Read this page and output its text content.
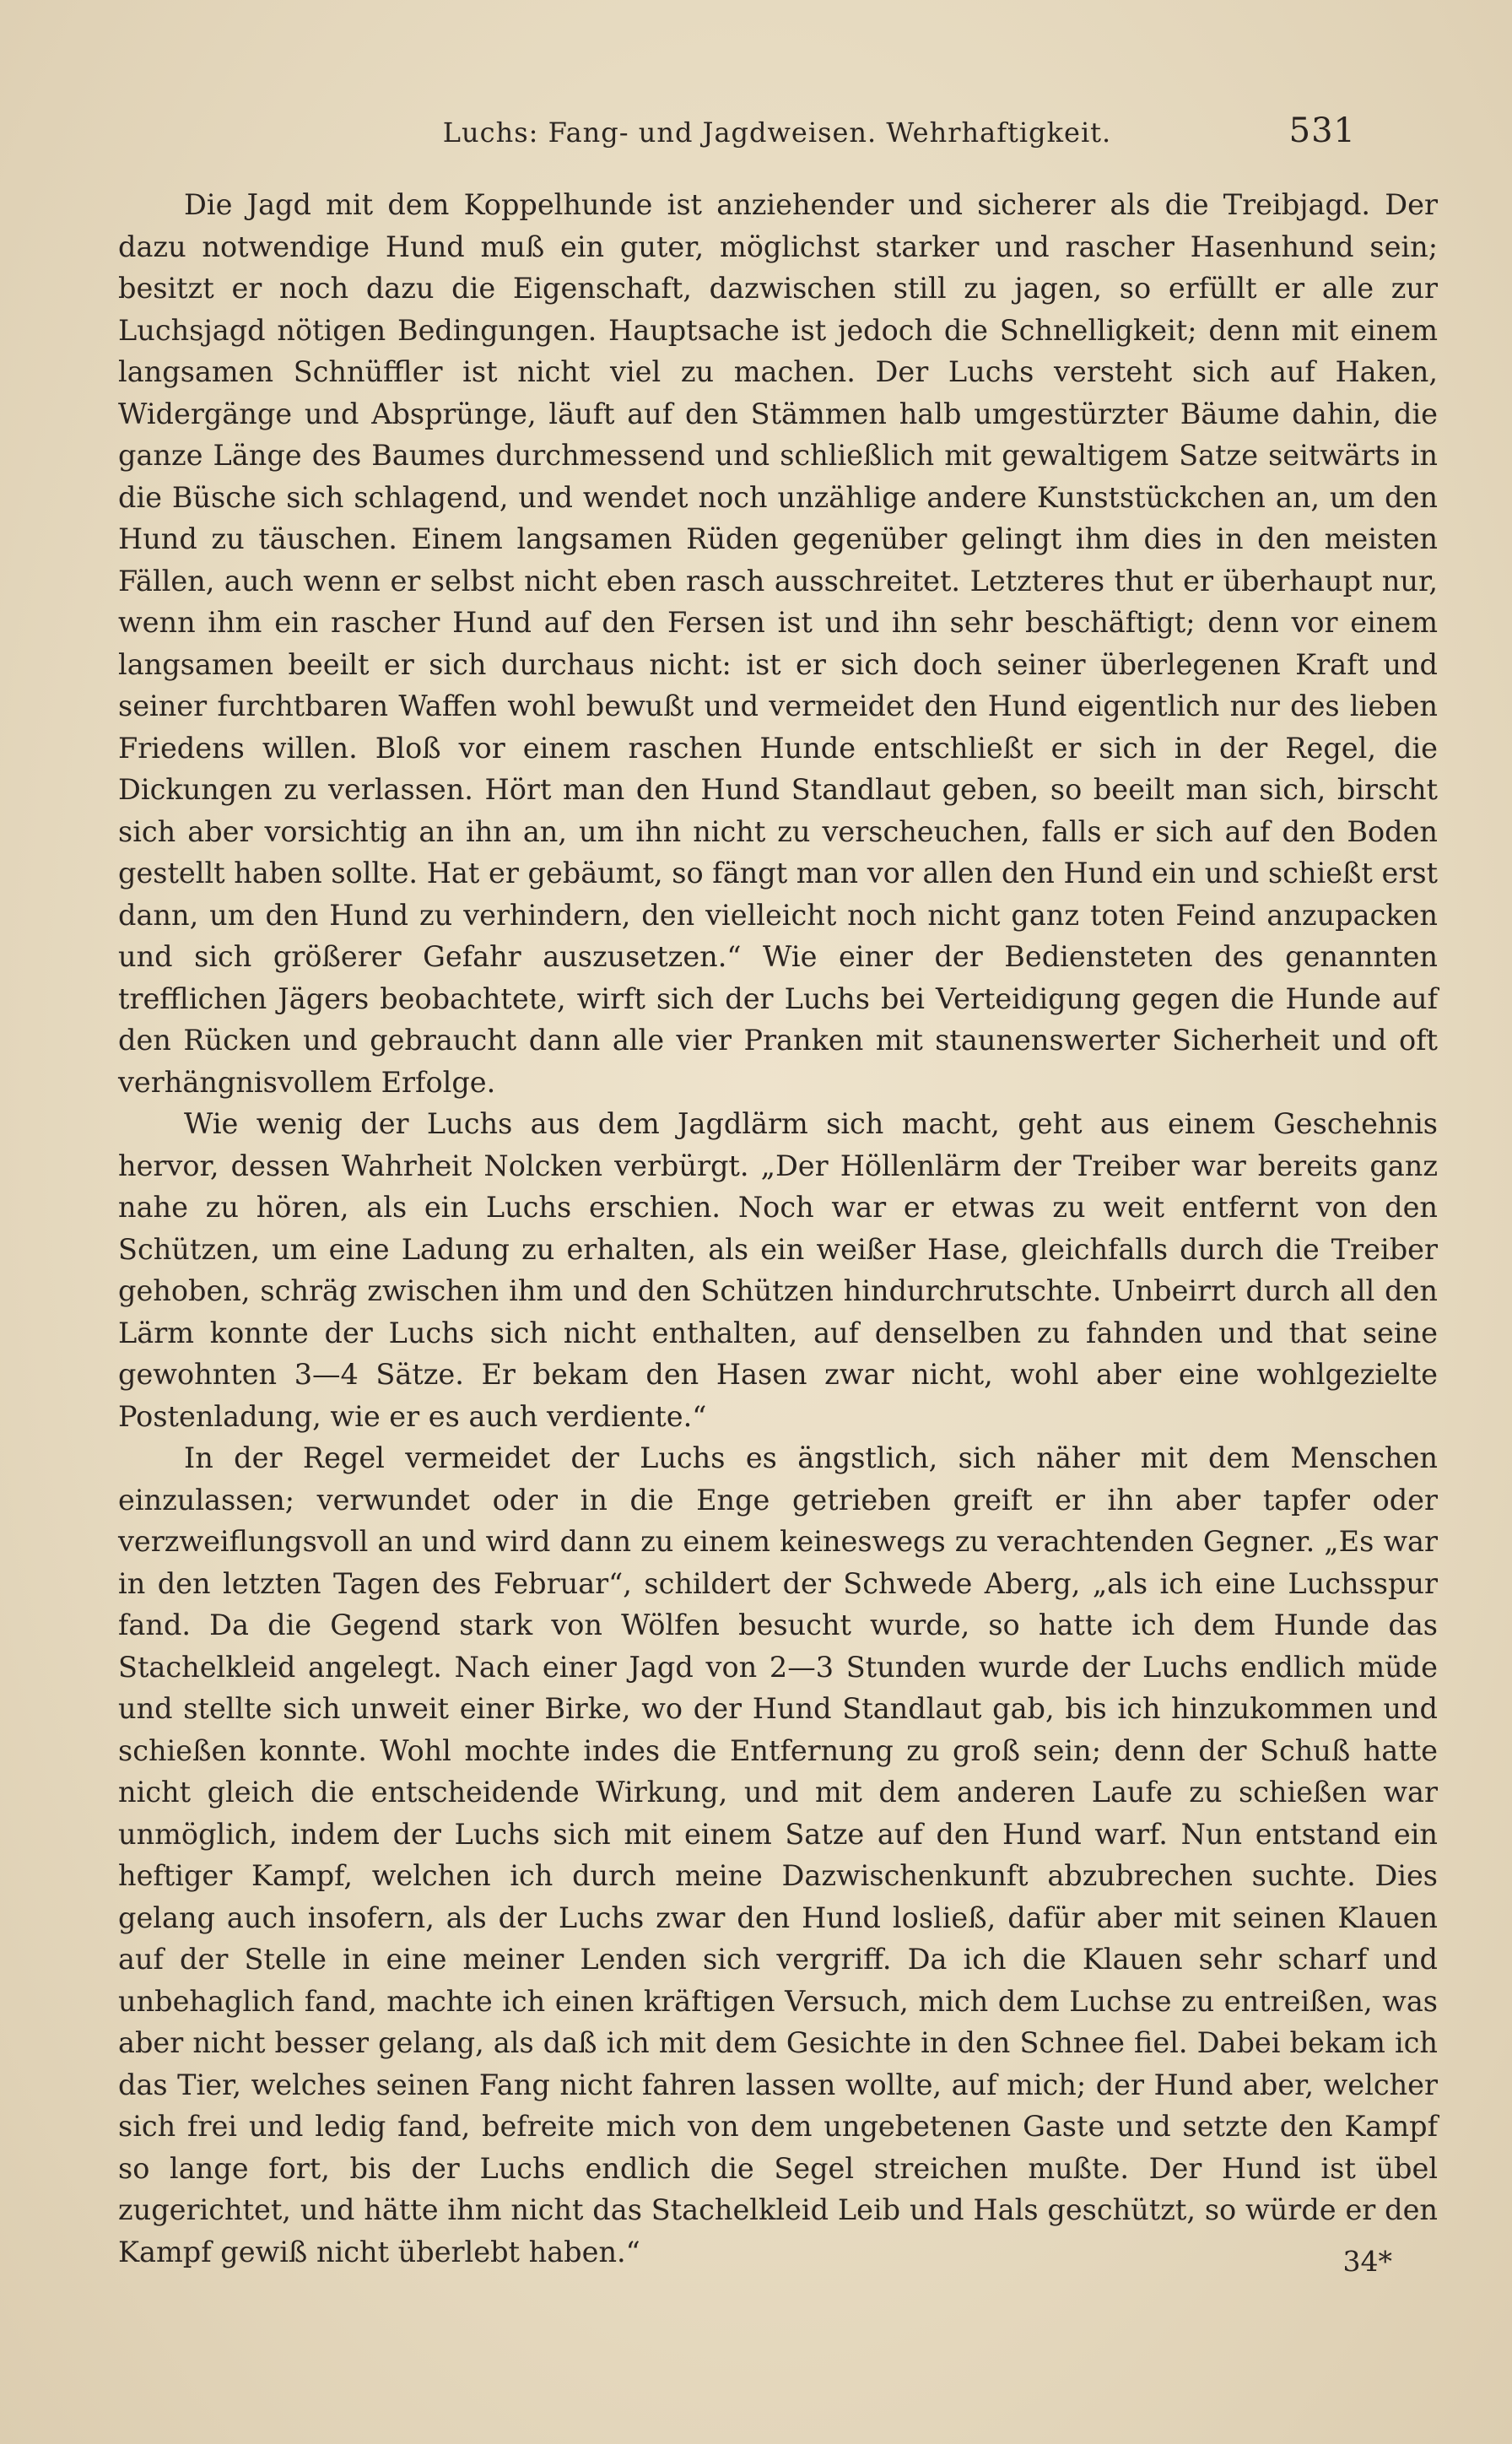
Luchs: Fang- und Jagdweisen. Wehrhaftigkeit.	531

Die Jagd mit dem Koppelhunde ist anziehender und sicherer als die Treibjagd. Der dazu notwendige Hund muß ein guter, möglichst starker und rascher Hasenhund sein; besitzt er noch dazu die Eigenschaft, dazwischen still zu jagen, so erfüllt er alle zur Luchsjagd nötigen Bedingungen. Hauptsache ist jedoch die Schnelligkeit; denn mit einem langsamen Schnüffler ist nicht viel zu machen. Der Luchs versteht sich auf Haken, Widergänge und Absprünge, läuft auf den Stämmen halb umgestürzter Bäume dahin, die ganze Länge des Baumes durchmessend und schließlich mit gewaltigem Satze seitwärts in die Büsche sich schlagend, und wendet noch unzählige andere Kunststückchen an, um den Hund zu täuschen. Einem langsamen Rüden gegenüber gelingt ihm dies in den meisten Fällen, auch wenn er selbst nicht eben rasch ausschreitet. Letzteres thut er überhaupt nur, wenn ihm ein rascher Hund auf den Fersen ist und ihn sehr beschäftigt; denn vor einem langsamen beeilt er sich durchaus nicht: ist er sich doch seiner überlegenen Kraft und seiner furchtbaren Waffen wohl bewußt und vermeidet den Hund eigentlich nur des lieben Friedens willen. Bloß vor einem raschen Hunde entschließt er sich in der Regel, die Dickungen zu verlassen. Hört man den Hund Standlaut geben, so beeilt man sich, birscht sich aber vorsichtig an ihn an, um ihn nicht zu verscheuchen, falls er sich auf den Boden gestellt haben sollte. Hat er gebäumt, so fängt man vor allen den Hund ein und schießt erst dann, um den Hund zu verhindern, den vielleicht noch nicht ganz toten Feind anzupacken und sich größerer Gefahr auszusetzen.“ Wie einer der Bediensteten des genannten trefflichen Jägers beobachtete, wirft sich der Luchs bei Verteidigung gegen die Hunde auf den Rücken und gebraucht dann alle vier Pranken mit staunenswerter Sicherheit und oft verhängnisvollem Erfolge.

Wie wenig der Luchs aus dem Jagdlärm sich macht, geht aus einem Geschehnis hervor, dessen Wahrheit Nolcken verbürgt. „Der Höllenlärm der Treiber war bereits ganz nahe zu hören, als ein Luchs erschien. Noch war er etwas zu weit entfernt von den Schützen, um eine Ladung zu erhalten, als ein weißer Hase, gleichfalls durch die Treiber gehoben, schräg zwischen ihm und den Schützen hindurchrutschte. Unbeirrt durch all den Lärm konnte der Luchs sich nicht enthalten, auf denselben zu fahnden und that seine gewohnten 3—4 Sätze. Er bekam den Hasen zwar nicht, wohl aber eine wohlgezielte Postenladung, wie er es auch verdiente.“

In der Regel vermeidet der Luchs es ängstlich, sich näher mit dem Menschen einzulassen; verwundet oder in die Enge getrieben greift er ihn aber tapfer oder verzweiflungsvoll an und wird dann zu einem keineswegs zu verachtenden Gegner. „Es war in den letzten Tagen des Februar“, schildert der Schwede Aberg, „als ich eine Luchsspur fand. Da die Gegend stark von Wölfen besucht wurde, so hatte ich dem Hunde das Stachelkleid angelegt. Nach einer Jagd von 2—3 Stunden wurde der Luchs endlich müde und stellte sich unweit einer Birke, wo der Hund Standlaut gab, bis ich hinzukommen und schießen konnte. Wohl mochte indes die Entfernung zu groß sein; denn der Schuß hatte nicht gleich die entscheidende Wirkung, und mit dem anderen Laufe zu schießen war unmöglich, indem der Luchs sich mit einem Satze auf den Hund warf. Nun entstand ein heftiger Kampf, welchen ich durch meine Dazwischenkunft abzubrechen suchte. Dies gelang auch insofern, als der Luchs zwar den Hund losließ, dafür aber mit seinen Klauen auf der Stelle in eine meiner Lenden sich vergriff. Da ich die Klauen sehr scharf und unbehaglich fand, machte ich einen kräftigen Versuch, mich dem Luchse zu entreißen, was aber nicht besser gelang, als daß ich mit dem Gesichte in den Schnee fiel. Dabei bekam ich das Tier, welches seinen Fang nicht fahren lassen wollte, auf mich; der Hund aber, welcher sich frei und ledig fand, befreite mich von dem ungebetenen Gaste und setzte den Kampf so lange fort, bis der Luchs endlich die Segel streichen mußte. Der Hund ist übel zugerichtet, und hätte ihm nicht das Stachelkleid Leib und Hals geschützt, so würde er den Kampf gewiß nicht überlebt haben.“	34*
